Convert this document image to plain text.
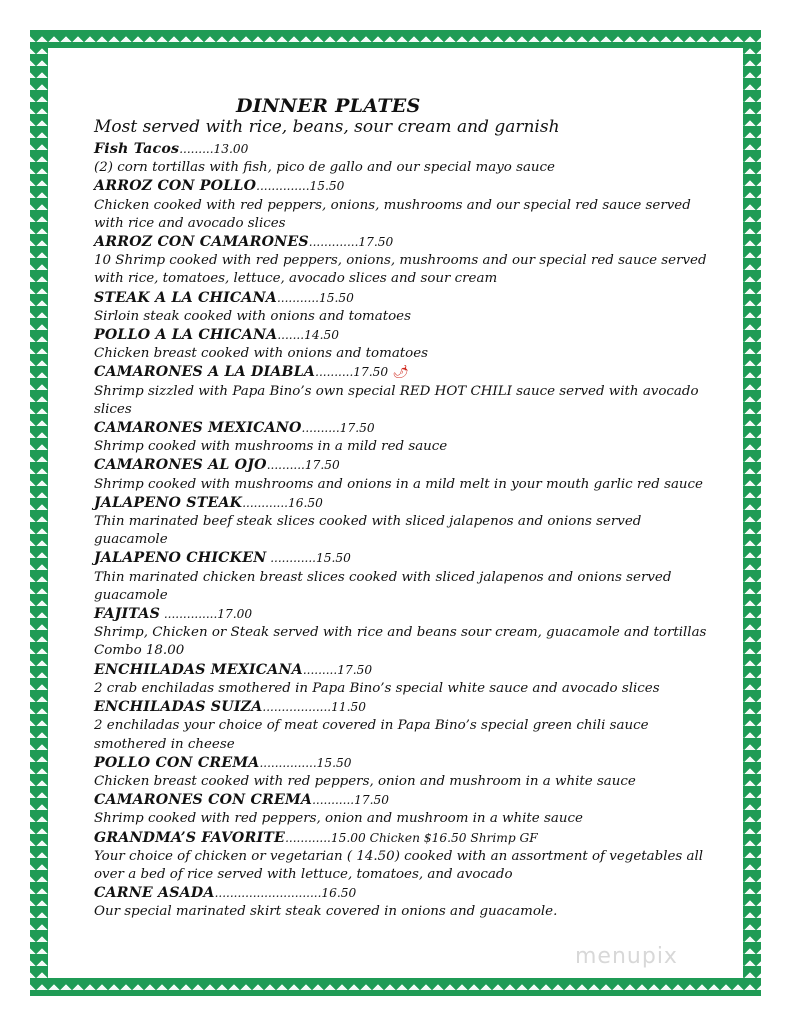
DINNER PLATES
Most served with rice, beans, sour cream and garnish
Fish Tacos.........13.00
(2) corn tortillas with fish, pico de gallo and our special mayo sauce
ARROZ CON POLLO..............15.50
Chicken cooked with red peppers, onions, mushrooms and our special red sauce served with rice and avocado slices
ARROZ CON CAMARONES.............17.50
10 Shrimp cooked with red peppers, onions, mushrooms and our special red sauce served with rice, tomatoes, lettuce, avocado slices and sour cream
STEAK A LA CHICANA...........15.50
Sirloin steak cooked with onions and tomatoes
POLLO A LA CHICANA.......14.50
Chicken breast cooked with onions and tomatoes
CAMARONES A LA DIABLA..........17.50 🌶
Shrimp sizzled with Papa Bino’s own special RED HOT CHILI sauce served with avocado slices
CAMARONES MEXICANO..........17.50
Shrimp cooked with mushrooms in a mild red sauce
CAMARONES AL OJO..........17.50
Shrimp cooked with mushrooms and onions in a mild melt in your mouth garlic red sauce
JALAPENO STEAK............16.50
Thin marinated beef steak slices cooked with sliced jalapenos and onions served guacamole
JALAPENO CHICKEN ............15.50
Thin marinated chicken breast slices cooked with sliced jalapenos and onions served guacamole
FAJITAS ..............17.00
Shrimp, Chicken or Steak served with rice and beans sour cream, guacamole and tortillas Combo 18.00
ENCHILADAS MEXICANA.........17.50
2 crab enchiladas smothered in Papa Bino’s special white sauce and avocado slices
ENCHILADAS SUIZA..................11.50
2 enchiladas your choice of meat covered in Papa Bino’s special green chili sauce smothered in cheese
POLLO CON CREMA...............15.50
Chicken breast cooked with red peppers, onion and mushroom in a white sauce
CAMARONES CON CREMA...........17.50
Shrimp cooked with red peppers, onion and mushroom in a white sauce
GRANDMA’S FAVORITE............15.00 Chicken $16.50 Shrimp GF
Your choice of chicken or vegetarian ( 14.50) cooked with an assortment of vegetables all over a bed of rice served with lettuce, tomatoes, and avocado
CARNE ASADA............................16.50
Our special marinated skirt steak covered in onions and guacamole.
menupix
